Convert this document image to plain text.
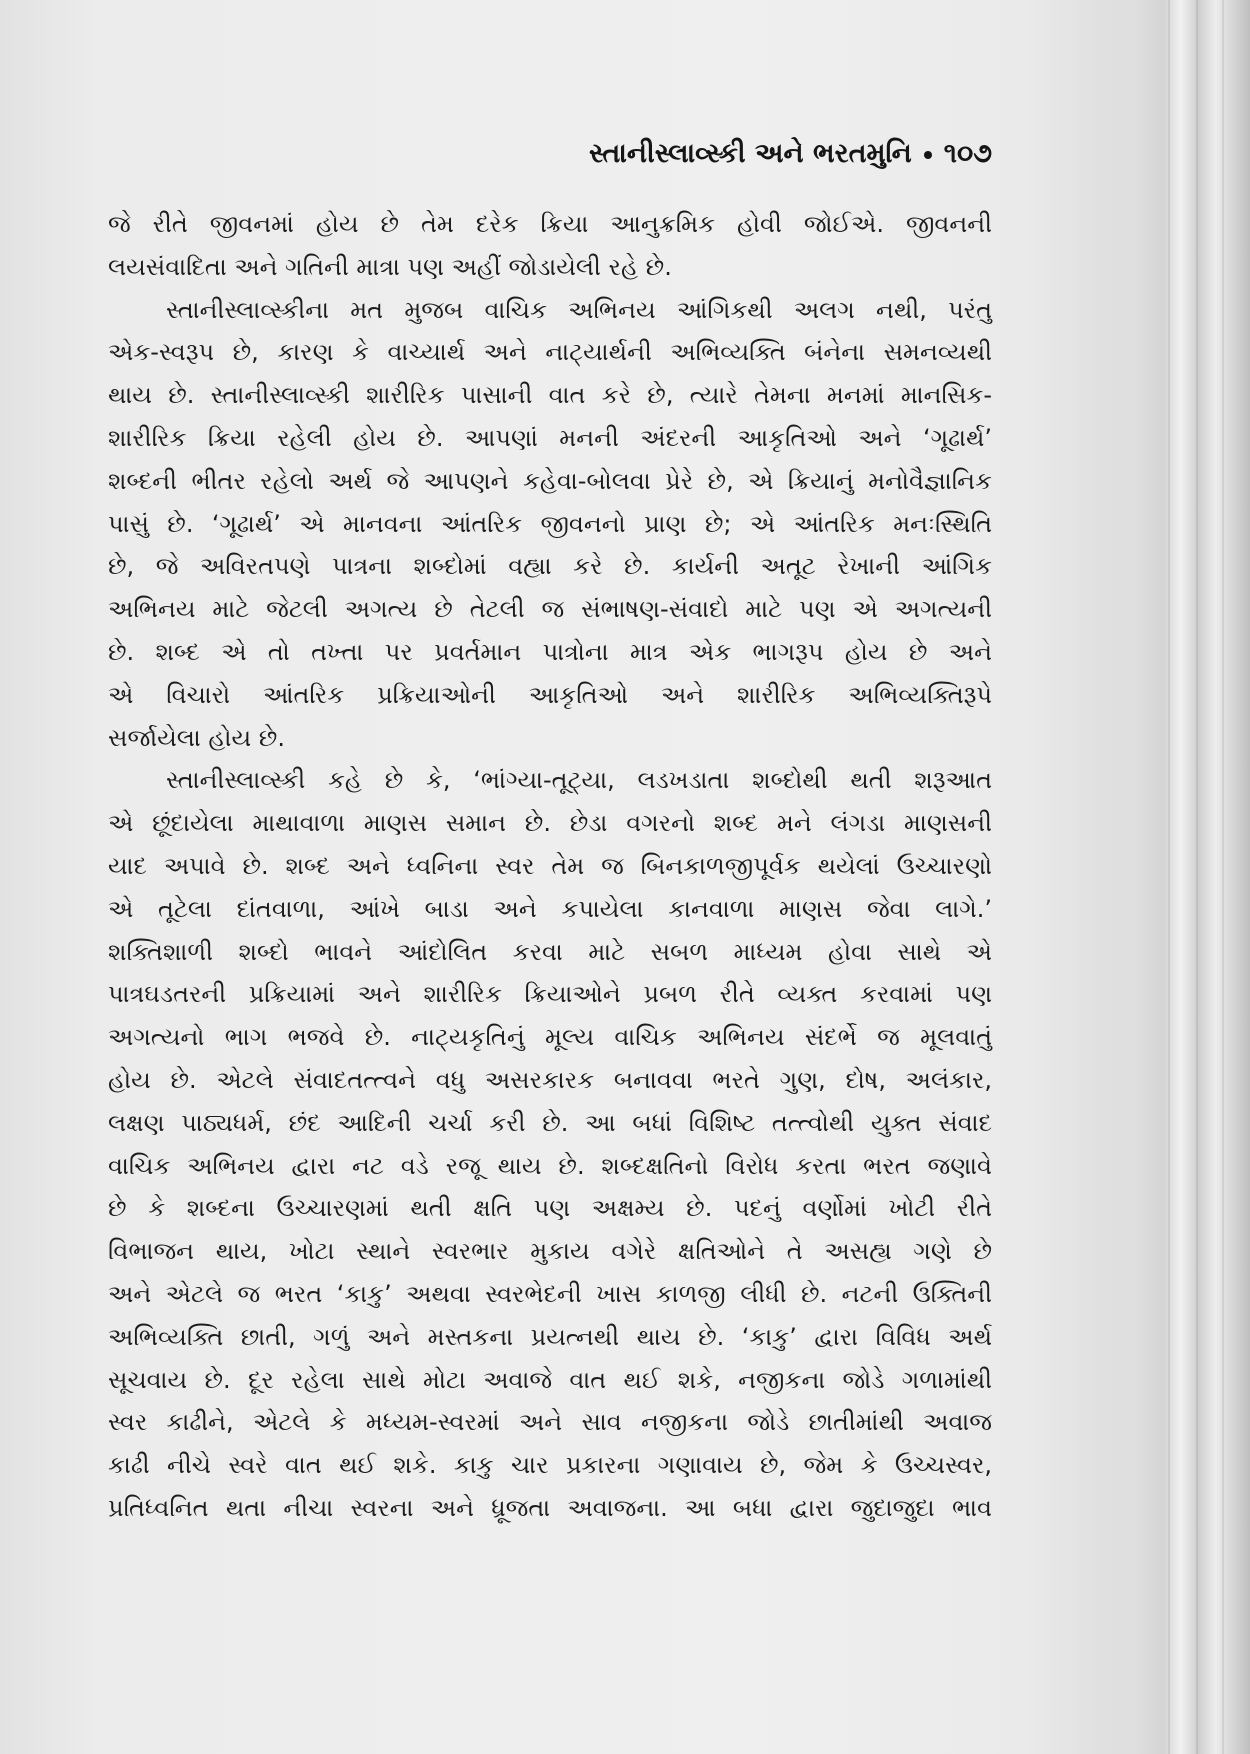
સ્તાનીસ્લાવ્સ્કી અને ભરતમુનિ ૧૦૭
જે રીતે જીવનમાં હોય છે તેમ દરેક ક્રિયા આનુક્રમિક હોવી જોઈએ. જીવનની
લયસંવાદિતા અને ગતિની માત્રા પણ અહીં જોડાયેલી રહે છે.
સ્તાનીસ્લાવ્સ્કીના મત મુજબ વાચિક અભિનય આંગિકથી અલગ નથી, પરંતુ
એક-સ્વરૂપ છે, કારણ કે વાચ્યાર્થ અને નાટ્યાર્થની અભિવ્યક્તિ બંનેના સમનવ્યથી
થાય છે. સ્તાનીસ્લાવ્સ્કી શારીરિક પાસાની વાત કરે છે, ત્યારે તેમના મનમાં માનસિક-
શારીરિક ક્રિયા રહેલી હોય છે. આપણાં મનની અંદરની આકૃતિઓ અને ‘ગૂઢાર્થ’
શબ્દની ભીતર રહેલો અર્થ જે આપણને કહેવા-બોલવા પ્રેરે છે, એ ક્રિયાનું મનોવૈજ્ઞાનિક
પાસું છે. ‘ગૂઢાર્થ’ એ માનવના આંતરિક જીવનનો પ્રાણ છે; એ આંતરિક મનઃસ્થિતિ
છે, જે અવિરતપણે પાત્રના શબ્દોમાં વહ્યા કરે છે. કાર્યની અતૂટ રેખાની આંગિક
અભિનય માટે જેટલી અગત્ય છે તેટલી જ સંભાષણ-સંવાદો માટે પણ એ અગત્યની
છે. શબ્દ એ તો તખ્તા પર પ્રવર્તમાન પાત્રોના માત્ર એક ભાગરૂપ હોય છે અને
એ વિચારો આંતરિક પ્રક્રિયાઓની આકૃતિઓ અને શારીરિક અભિવ્યક્તિરૂપે
સર્જાયેલા હોય છે.
સ્તાનીસ્લાવ્સ્કી કહે છે કે, ‘ભાંગ્યા-તૂટ્યા, લડખડાતા શબ્દોથી થતી શરૂઆત
એ છૂંદાયેલા માથાવાળા માણસ સમાન છે. છેડા વગરનો શબ્દ મને લંગડા માણસની
યાદ અપાવે છે. શબ્દ અને ધ્વનિના સ્વર તેમ જ બિનકાળજીપૂર્વક થયેલાં ઉચ્ચારણો
એ તૂટેલા દાંતવાળા, આંખે બાડા અને કપાયેલા કાનવાળા માણસ જેવા લાગે.’
શક્તિશાળી શબ્દો ભાવને આંદોલિત કરવા માટે સબળ માધ્યમ હોવા સાથે એ
પાત્રઘડતરની પ્રક્રિયામાં અને શારીરિક ક્રિયાઓને પ્રબળ રીતે વ્યક્ત કરવામાં પણ
અગત્યનો ભાગ ભજવે છે. નાટ્યકૃતિનું મૂલ્ય વાચિક અભિનય સંદર્ભે જ મૂલવાતું
હોય છે. એટલે સંવાદતત્ત્વને વધુ અસરકારક બનાવવા ભરતે ગુણ, દોષ, અલંકાર,
લક્ષણ પાઠ્યધર્મ, છંદ આદિની ચર્ચા કરી છે. આ બધાં વિશિષ્ટ તત્ત્વોથી યુક્ત સંવાદ
વાચિક અભિનય દ્વારા નટ વડે રજૂ થાય છે. શબ્દક્ષતિનો વિરોધ કરતા ભરત જણાવે
છે કે શબ્દના ઉચ્ચારણમાં થતી ક્ષતિ પણ અક્ષમ્ય છે. પદનું વર્ણોમાં ખોટી રીતે
વિભાજન થાય, ખોટા સ્થાને સ્વરભાર મુકાય વગેરે ક્ષતિઓને તે અસહ્ય ગણે છે
અને એટલે જ ભરત ‘કાકુ’ અથવા સ્વરભેદની ખાસ કાળજી લીધી છે. નટની ઉક્તિની
અભિવ્યક્તિ છાતી, ગળું અને મસ્તકના પ્રયત્નથી થાય છે. ‘કાકુ’ દ્વારા વિવિધ અર્થ
સૂચવાય છે. દૂર રહેલા સાથે મોટા અવાજે વાત થઈ શકે, નજીકના જોડે ગળામાંથી
સ્વર કાઢીને, એટલે કે મધ્યમ-સ્વરમાં અને સાવ નજીકના જોડે છાતીમાંથી અવાજ
કાઢી નીચે સ્વરે વાત થઈ શકે. કાકુ ચાર પ્રકારના ગણાવાય છે, જેમ કે ઉચ્ચસ્વર,
પ્રતિધ્વનિત થતા નીચા સ્વરના અને ધ્રૂજતા અવાજના. આ બધા દ્વારા જુદાજુદા ભાવ
